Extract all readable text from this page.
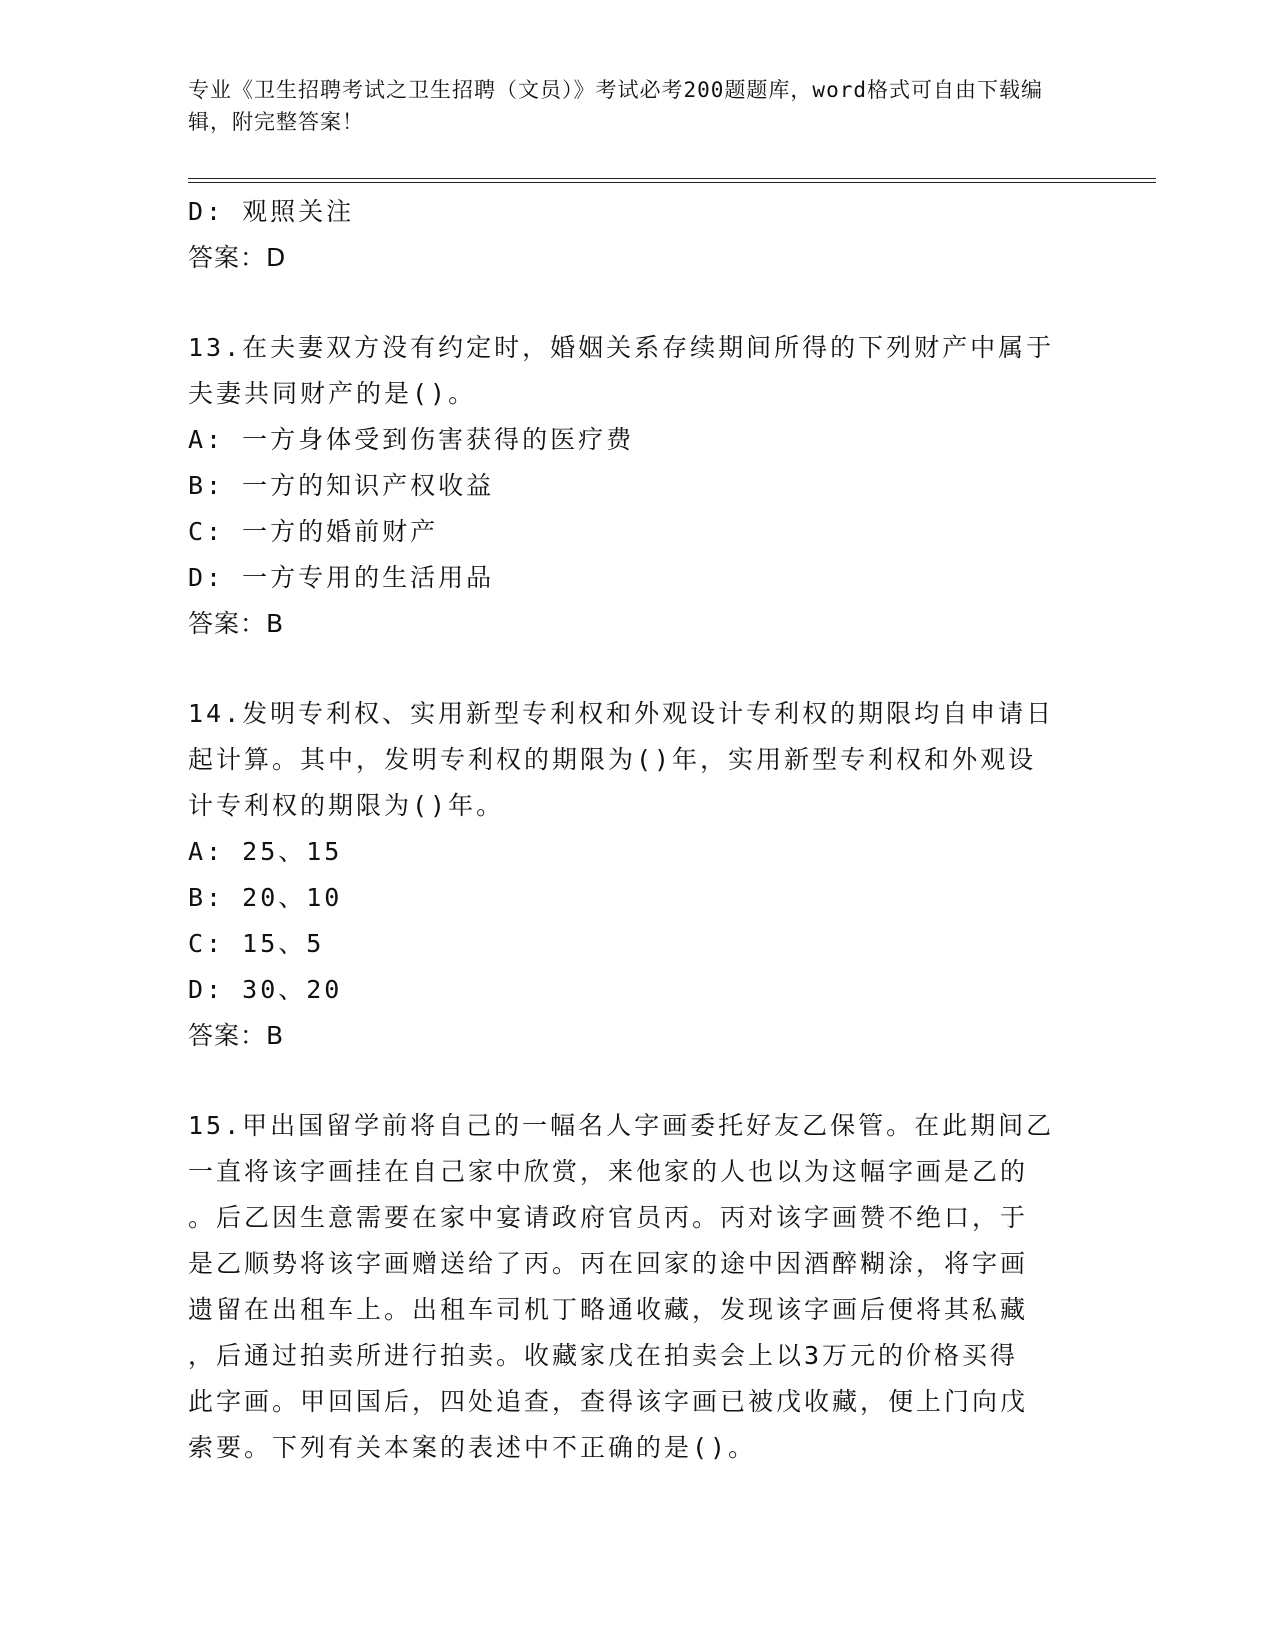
专业《卫生招聘考试之卫生招聘（文员）》考试必考200题题库，word格式可自由下载编辑，附完整答案！

D: 观照关注

答案：D

13.在夫妻双方没有约定时，婚姻关系存续期间所得的下列财产中属于

夫妻共同财产的是()。

A: 一方身体受到伤害获得的医疗费

B: 一方的知识产权收益

C: 一方的婚前财产

D: 一方专用的生活用品

答案：B

14.发明专利权、实用新型专利权和外观设计专利权的期限均自申请日

起计算。其中，发明专利权的期限为()年，实用新型专利权和外观设

计专利权的期限为()年。

A: 25、15

B: 20、10

C: 15、5

D: 30、20

答案：B

15.甲出国留学前将自己的一幅名人字画委托好友乙保管。在此期间乙

一直将该字画挂在自己家中欣赏，来他家的人也以为这幅字画是乙的

。后乙因生意需要在家中宴请政府官员丙。丙对该字画赞不绝口，于

是乙顺势将该字画赠送给了丙。丙在回家的途中因酒醉糊涂，将字画

遗留在出租车上。出租车司机丁略通收藏，发现该字画后便将其私藏

，后通过拍卖所进行拍卖。收藏家戊在拍卖会上以3万元的价格买得

此字画。甲回国后，四处追查，查得该字画已被戊收藏，便上门向戊

索要。下列有关本案的表述中不正确的是()。
